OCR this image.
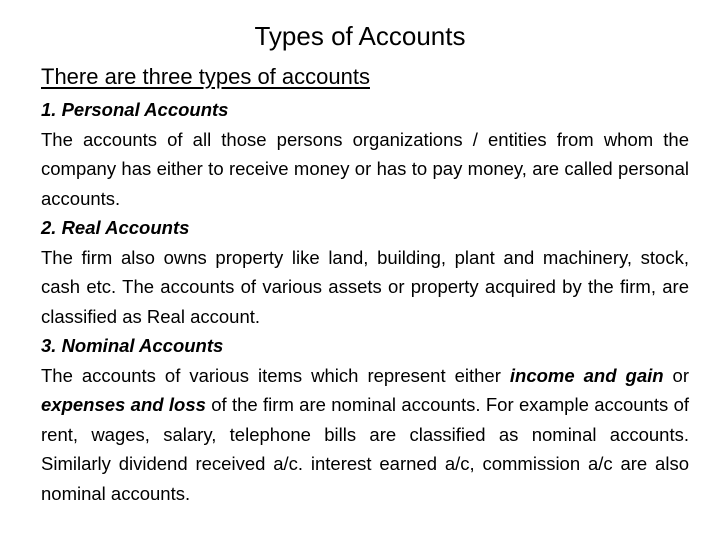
Types of Accounts
There are three types of accounts
1. Personal Accounts
The accounts of all those persons organizations / entities from whom the company has either to receive money or has to pay money, are called personal accounts.
2. Real Accounts
The firm also owns property like land, building, plant and machinery, stock, cash etc. The accounts of various assets or property acquired by the firm, are classified as Real account.
3. Nominal Accounts
The accounts of various items which represent either income and gain or expenses and loss of the firm are nominal accounts. For example accounts of rent, wages, salary, telephone bills are classified as nominal accounts. Similarly dividend received a/c. interest earned a/c, commission a/c are also nominal accounts.
